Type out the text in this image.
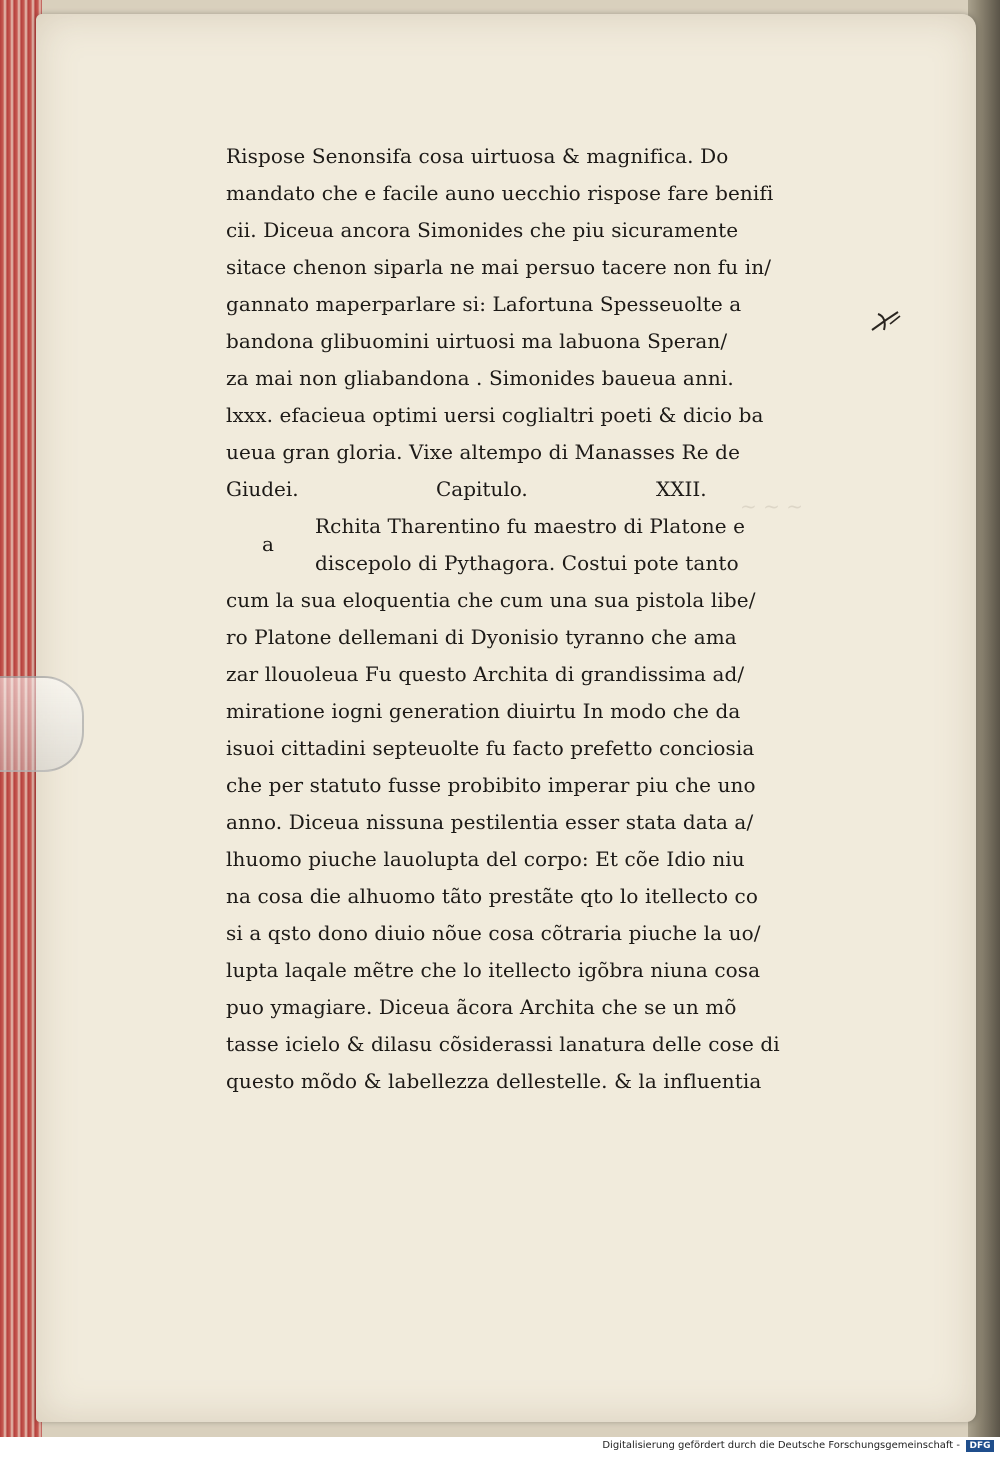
~ ~ ~
Rispose Senonsifa cosa uirtuosa & magnifica. Do
mandato che e facile auno uecchio rispose fare benifi
cii. Diceua ancora Simonides che piu sicuramente
sitace chenon siparla ne mai persuo tacere non fu in/
gannato maperparlare si: Lafortuna Spesseuolte a
bandona glibuomini uirtuosi ma labuona Speran/
za mai non gliabandona . Simonides baueua anni.
lxxx. efacieua optimi uersi coglialtri poeti & dicio ba
ueua gran gloria. Vixe altempo di Manasses Re de
Giudei.	Capitulo.	XXII.
Rchita Tharentino fu maestro di Platone e
discepolo di Pythagora. Costui pote tanto
cum la sua eloquentia che cum una sua pistola libe/
ro Platone dellemani di Dyonisio tyranno che ama
zar llouoleua Fu questo Archita di grandissima ad/
miratione iogni generation diuirtu In modo che da
isuoi cittadini septeuolte fu facto prefetto conciosia
che per statuto fusse probibito imperar piu che uno
anno. Diceua nissuna pestilentia esser stata data a/
lhuomo piuche lauolupta del corpo: Et cõe Idio niu
na cosa die alhuomo tãto prestãte qto lo itellecto co
si a qsto dono diuio nõue cosa cõtraria piuche la uo/
lupta laqale mẽtre che lo itellecto igõbra niuna cosa
puo ymagiare. Diceua ãcora Archita che se un mõ
tasse icielo & dilasu cõsiderassi lanatura delle cose di
questo mõdo & labellezza dellestelle. & la influentia
a
Digitalisierung gefördert durch die Deutsche Forschungsgemeinschaft -	DFG
